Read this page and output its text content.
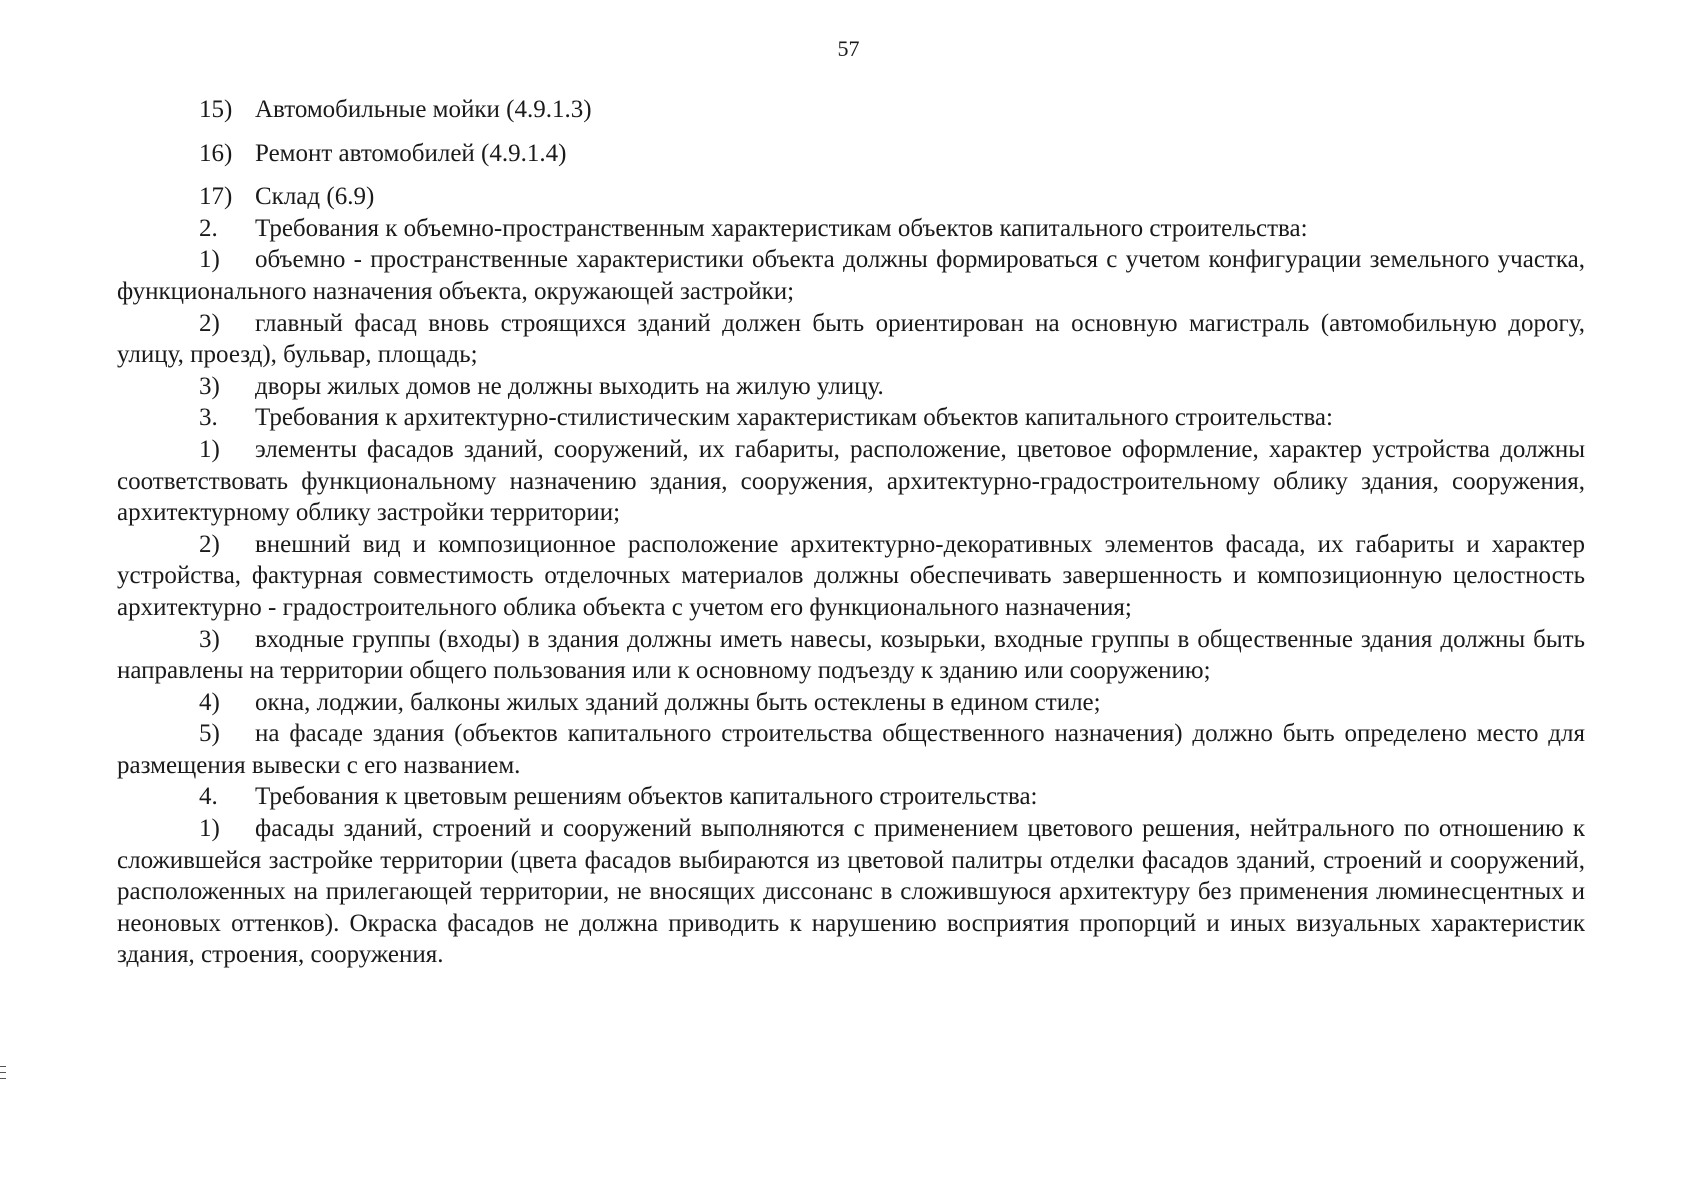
57

15) Автомобильные мойки (4.9.1.3)

16) Ремонт автомобилей (4.9.1.4)

17) Склад (6.9)

2. Требования к объемно-пространственным характеристикам объектов капитального строительства:

1) объемно - пространственные характеристики объекта должны формироваться с учетом конфигурации земельного участка, функционального назначения объекта, окружающей застройки;

2) главный фасад вновь строящихся зданий должен быть ориентирован на основную магистраль (автомобильную дорогу, улицу, проезд), бульвар, площадь;

3) дворы жилых домов не должны выходить на жилую улицу.

3. Требования к архитектурно-стилистическим характеристикам объектов капитального строительства:

1) элементы фасадов зданий, сооружений, их габариты, расположение, цветовое оформление, характер устройства должны соответствовать функциональному назначению здания, сооружения, архитектурно-градостроительному облику здания, сооружения, архитектурному облику застройки территории;

2) внешний вид и композиционное расположение архитектурно-декоративных элементов фасада, их габариты и характер устройства, фактурная совместимость отделочных материалов должны обеспечивать завершенность и композиционную целостность архитектурно - градостроительного облика объекта с учетом его функционального назначения;

3) входные группы (входы) в здания должны иметь навесы, козырьки, входные группы в общественные здания должны быть направлены на территории общего пользования или к основному подъезду к зданию или сооружению;

4) окна, лоджии, балконы жилых зданий должны быть остеклены в едином стиле;

5) на фасаде здания (объектов капитального строительства общественного назначения) должно быть определено место для размещения вывески с его названием.

4. Требования к цветовым решениям объектов капитального строительства:

1) фасады зданий, строений и сооружений выполняются с применением цветового решения, нейтрального по отношению к сложившейся застройке территории (цвета фасадов выбираются из цветовой палитры отделки фасадов зданий, строений и сооружений, расположенных на прилегающей территории, не вносящих диссонанс в сложившуюся архитектуру без применения люминесцентных и неоновых оттенков). Окраска фасадов не должна приводить к нарушению восприятия пропорций и иных визуальных характеристик здания, строения, сооружения.
